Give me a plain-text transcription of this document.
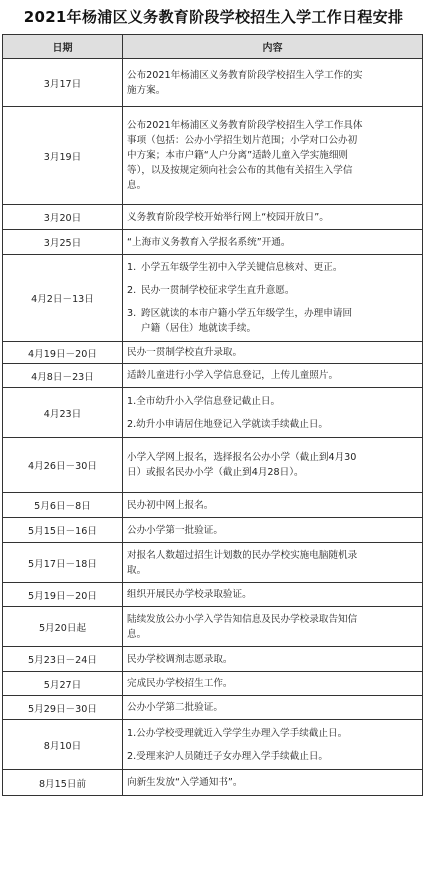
2021年杨浦区义务教育阶段学校招生入学工作日程安排
日期	内容
3月17日	公布2021年杨浦区义务教育阶段学校招生入学工作的实
施方案。

3月19日	公布2021年杨浦区义务教育阶段学校招生入学工作具体
事项（包括：公办小学招生划片范围；小学对口公办初
中方案；本市户籍“人户分离”适龄儿童入学实施细则
等），以及按规定须向社会公布的其他有关招生入学信
息。

3月20日	义务教育阶段学校开始举行网上“校园开放日”。

3月25日	“上海市义务教育入学报名系统”开通。

4月2日－13日	1. 小学五年级学生初中入学关键信息核对、更正。
2. 民办一贯制学校征求学生直升意愿。
3. 跨区就读的本市户籍小学五年级学生，办理申请回
户籍（居住）地就读手续。

4月19日－20日	民办一贯制学校直升录取。

4月8日－23日	适龄儿童进行小学入学信息登记，上传儿童照片。

4月23日	1.全市幼升小入学信息登记截止日。
2.幼升小申请居住地登记入学就读手续截止日。

4月26日－30日	小学入学网上报名，选择报名公办小学（截止到4月30
日）或报名民办小学（截止到4月28日）。

5月6日－8日	民办初中网上报名。

5月15日－16日	公办小学第一批验证。

5月17日－18日	对报名人数超过招生计划数的民办学校实施电脑随机录
取。

5月19日－20日	组织开展民办学校录取验证。

5月20日起	陆续发放公办小学入学告知信息及民办学校录取告知信
息。

5月23日－24日	民办学校调剂志愿录取。

5月27日	完成民办学校招生工作。

5月29日－30日	公办小学第二批验证。

8月10日	1.公办学校受理就近入学学生办理入学手续截止日。
2.受理来沪人员随迁子女办理入学手续截止日。

8月15日前	向新生发放“入学通知书”。
